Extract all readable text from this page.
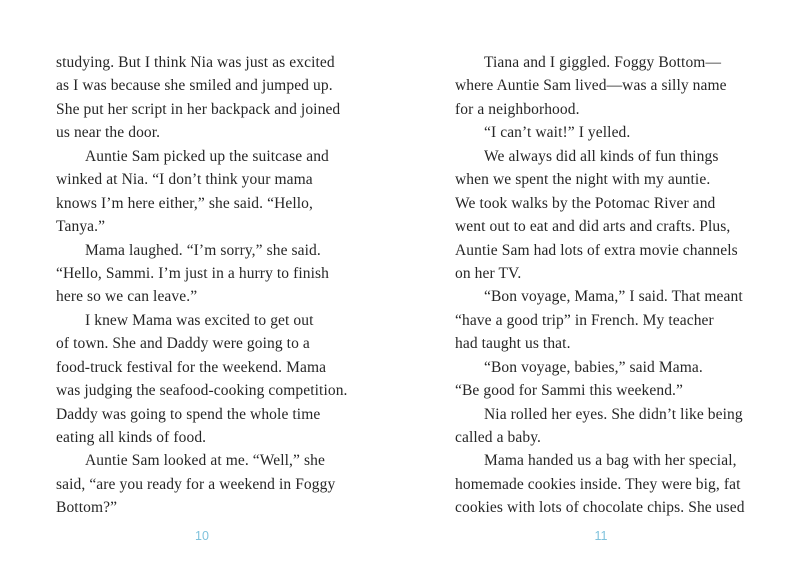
studying. But I think Nia was just as excited
as I was because she smiled and jumped up.
She put her script in her backpack and joined
us near the door.
Auntie Sam picked up the suitcase and
winked at Nia. “I don’t think your mama
knows I’m here either,” she said. “Hello,
Tanya.”
Mama laughed. “I’m sorry,” she said.
“Hello, Sammi. I’m just in a hurry to finish
here so we can leave.”
I knew Mama was excited to get out
of town. She and Daddy were going to a
food-truck festival for the weekend. Mama
was judging the seafood-cooking competition.
Daddy was going to spend the whole time
eating all kinds of food.
Auntie Sam looked at me. “Well,” she
said, “are you ready for a weekend in Foggy
Bottom?”
10
Tiana and I giggled. Foggy Bottom—
where Auntie Sam lived—was a silly name
for a neighborhood.
“I can’t wait!” I yelled.
We always did all kinds of fun things
when we spent the night with my auntie.
We took walks by the Potomac River and
went out to eat and did arts and crafts. Plus,
Auntie Sam had lots of extra movie channels
on her TV.
“Bon voyage, Mama,” I said. That meant
“have a good trip” in French. My teacher
had taught us that.
“Bon voyage, babies,” said Mama.
“Be good for Sammi this weekend.”
Nia rolled her eyes. She didn’t like being
called a baby.
Mama handed us a bag with her special,
homemade cookies inside. They were big, fat
cookies with lots of chocolate chips. She used
11
